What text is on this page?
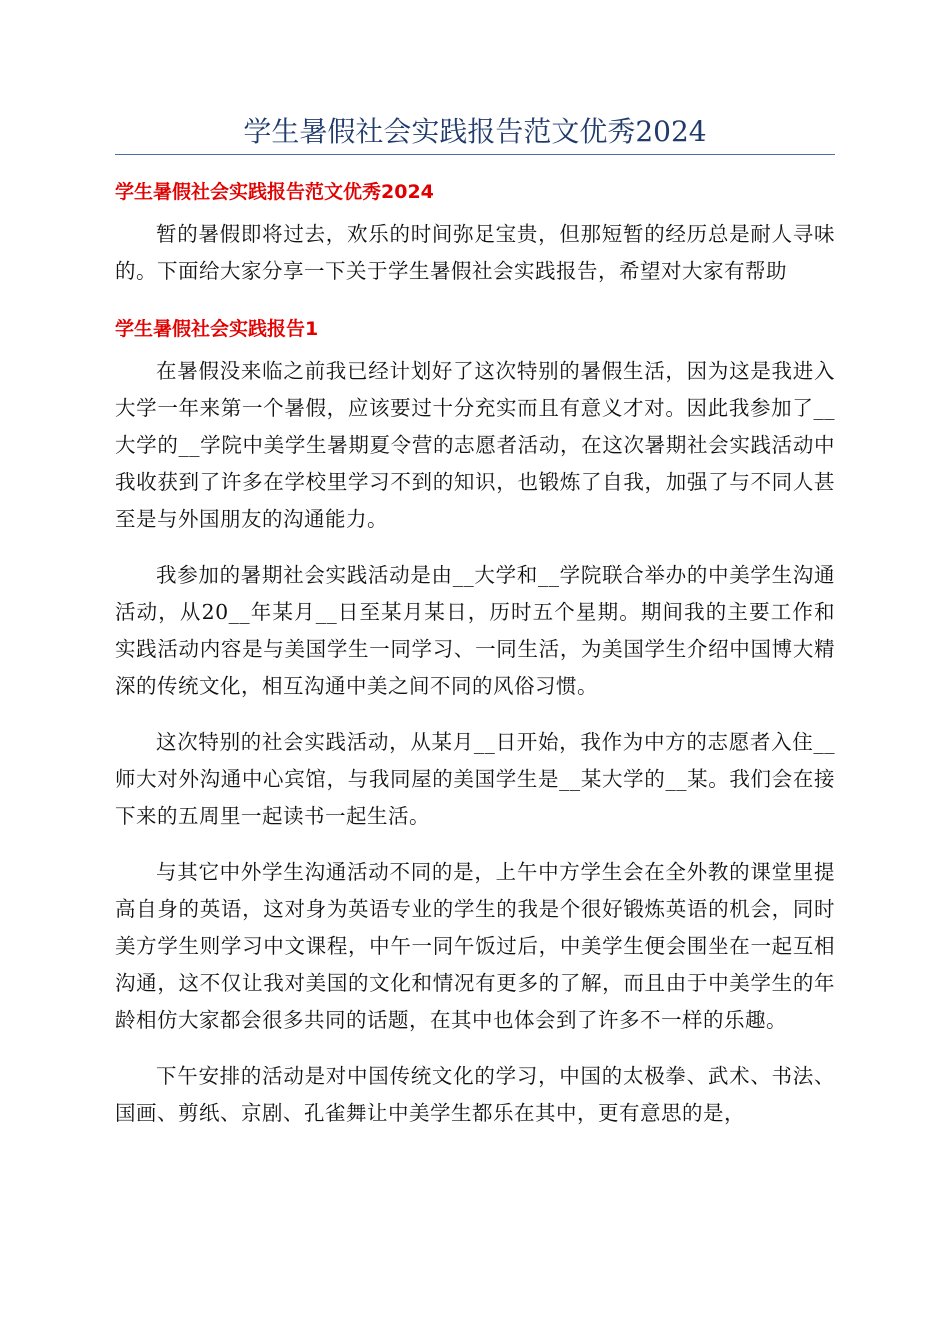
学生暑假社会实践报告范文优秀2024

学生暑假社会实践报告范文优秀2024

暂的暑假即将过去，欢乐的时间弥足宝贵，但那短暂的经历总是耐人寻味的。下面给大家分享一下关于学生暑假社会实践报告，希望对大家有帮助

学生暑假社会实践报告1

在暑假没来临之前我已经计划好了这次特别的暑假生活，因为这是我进入大学一年来第一个暑假，应该要过十分充实而且有意义才对。因此我参加了__大学的__学院中美学生暑期夏令营的志愿者活动，在这次暑期社会实践活动中我收获到了许多在学校里学习不到的知识，也锻炼了自我，加强了与不同人甚至是与外国朋友的沟通能力。

我参加的暑期社会实践活动是由__大学和__学院联合举办的中美学生沟通活动，从20__年某月__日至某月某日，历时五个星期。期间我的主要工作和实践活动内容是与美国学生一同学习、一同生活，为美国学生介绍中国博大精深的传统文化，相互沟通中美之间不同的风俗习惯。

这次特别的社会实践活动，从某月__日开始，我作为中方的志愿者入住__师大对外沟通中心宾馆，与我同屋的美国学生是__某大学的__某。我们会在接下来的五周里一起读书一起生活。

与其它中外学生沟通活动不同的是，上午中方学生会在全外教的课堂里提高自身的英语，这对身为英语专业的学生的我是个很好锻炼英语的机会，同时美方学生则学习中文课程，中午一同午饭过后，中美学生便会围坐在一起互相沟通，这不仅让我对美国的文化和情况有更多的了解，而且由于中美学生的年龄相仿大家都会很多共同的话题，在其中也体会到了许多不一样的乐趣。

下午安排的活动是对中国传统文化的学习，中国的太极拳、武术、书法、国画、剪纸、京剧、孔雀舞让中美学生都乐在其中，更有意思的是，
